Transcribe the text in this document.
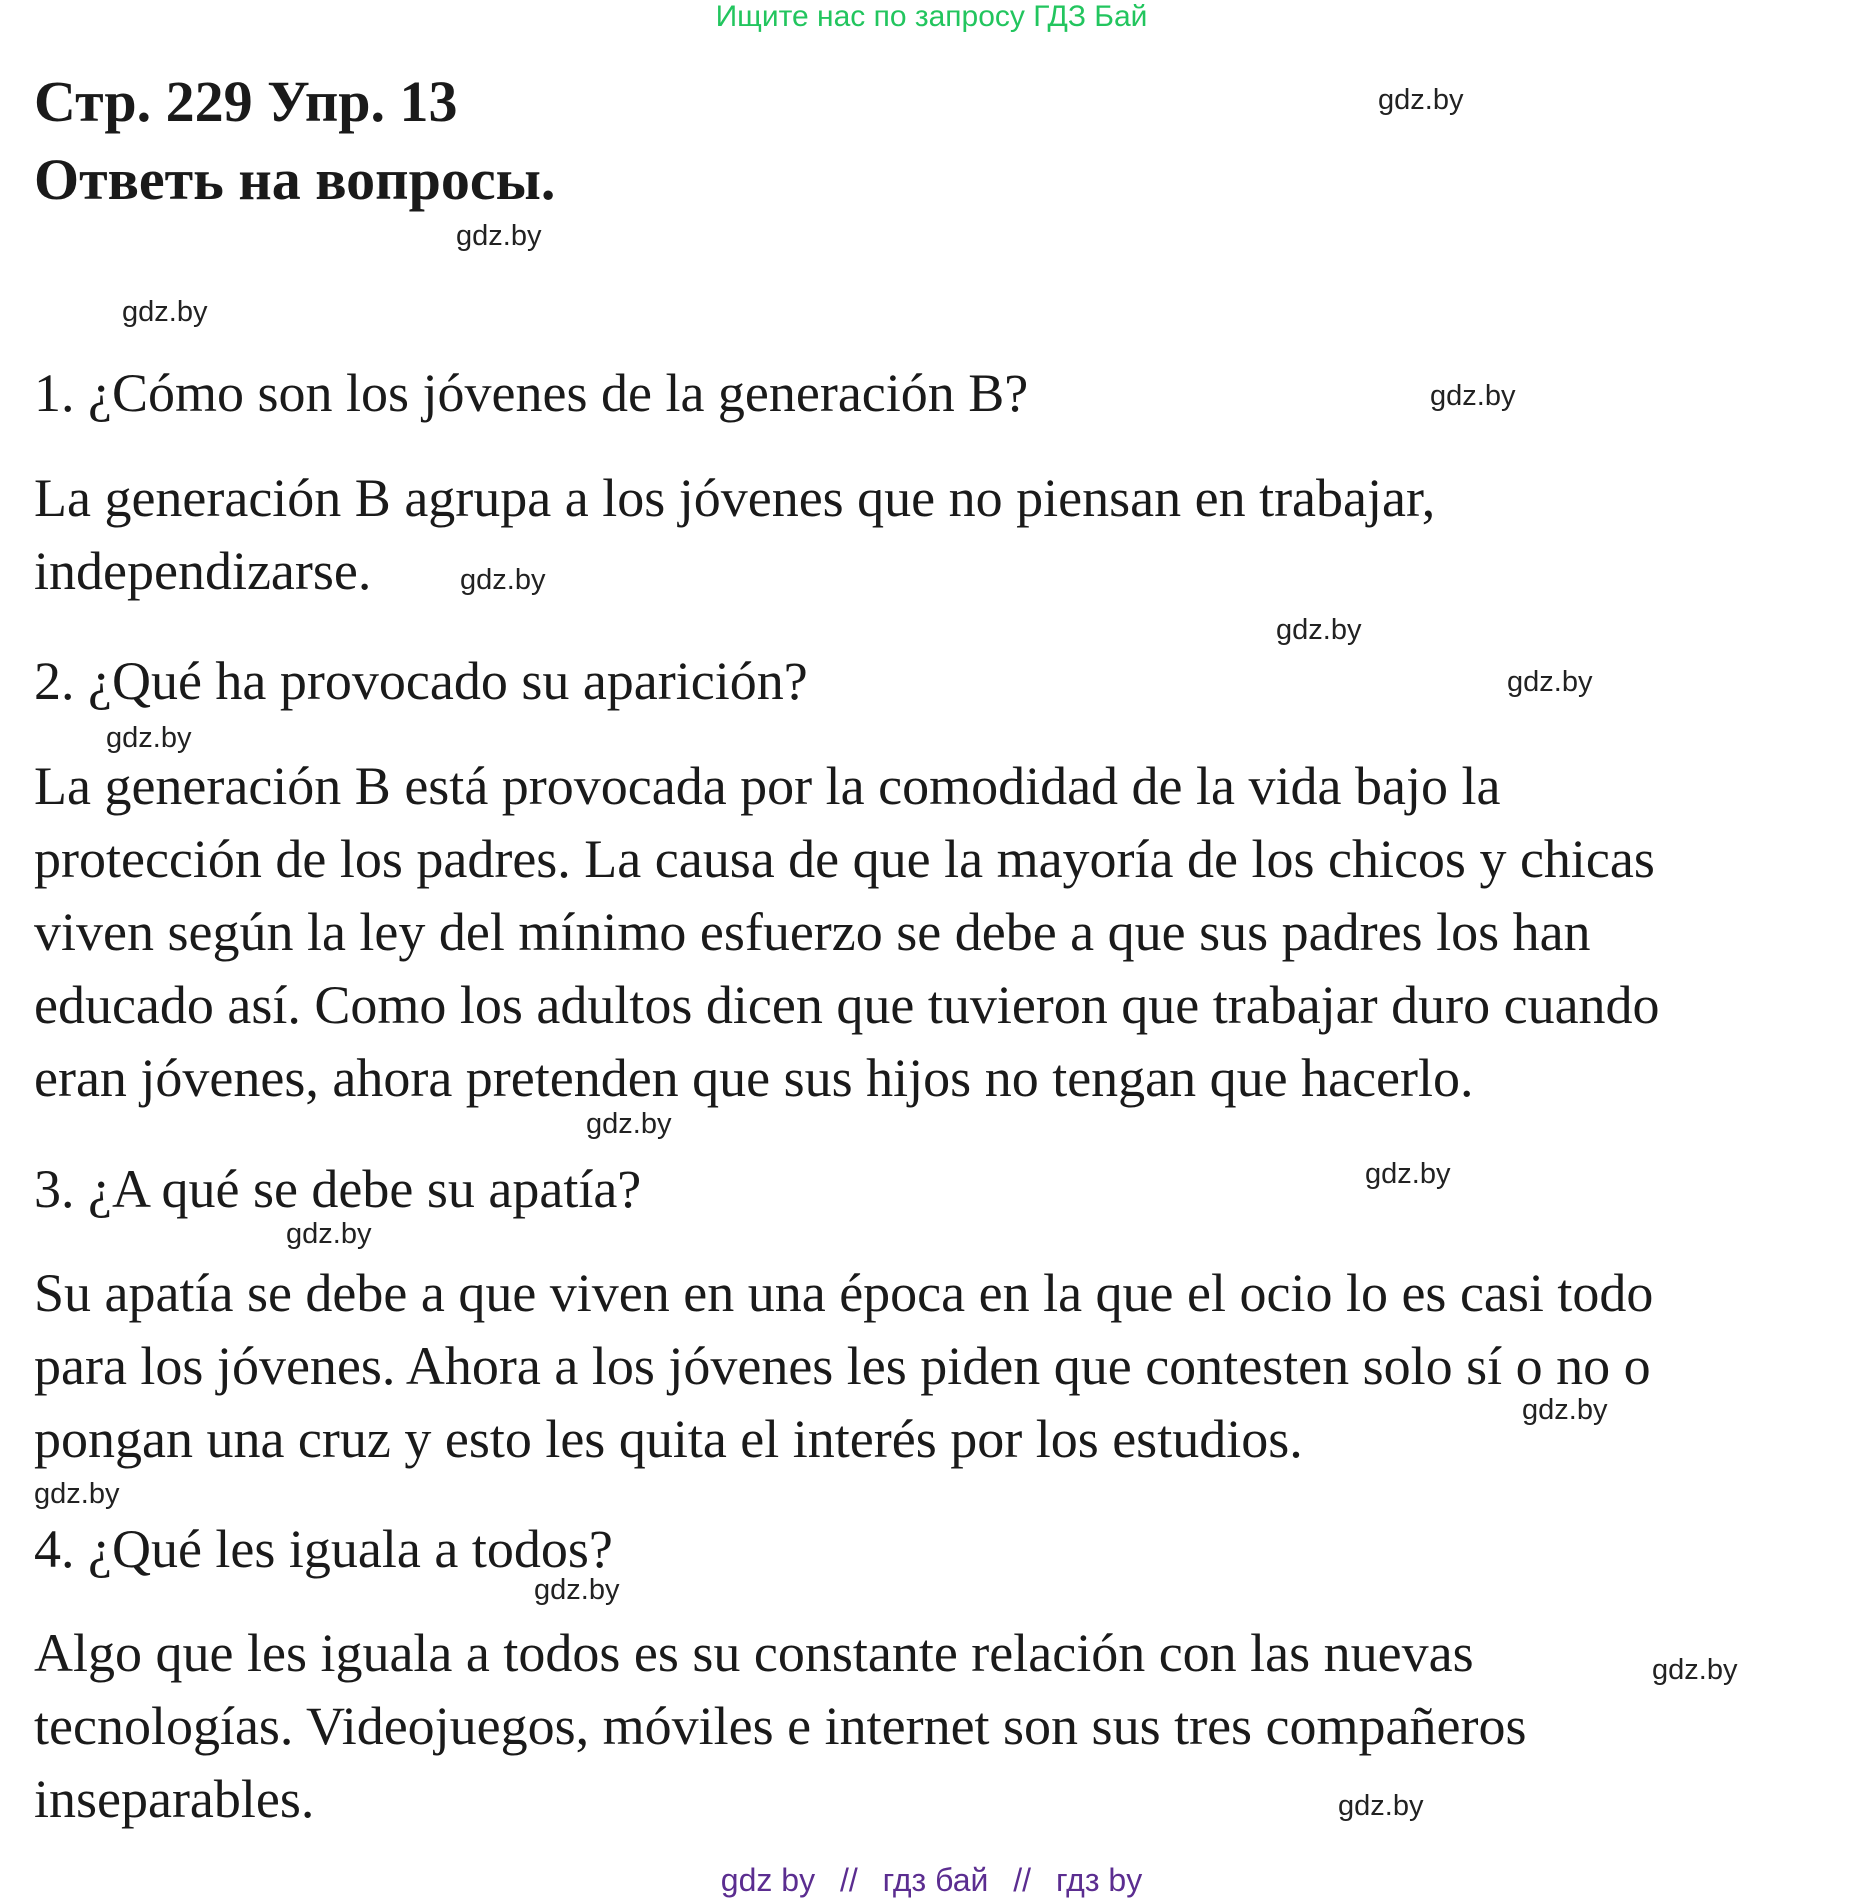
Ищите нас по запросу ГДЗ Бай
Стр. 229 Упр. 13
Ответь на вопросы.
1. ¿Cómo son los jóvenes de la generación B?
La generación B agrupa a los jóvenes que no piensan en trabajar,
independizarse.
2. ¿Qué ha provocado su aparición?
La generación B está provocada por la comodidad de la vida bajo la
protección de los padres. La causa de que la mayoría de los chicos y chicas
viven según la ley del mínimo esfuerzo se debe a que sus padres los han
educado así. Como los adultos dicen que tuvieron que trabajar duro cuando
eran jóvenes, ahora pretenden que sus hijos no tengan que hacerlo.
3. ¿A qué se debe su apatía?
Su apatía se debe a que viven en una época en la que el ocio lo es casi todo
para los jóvenes. Ahora a los jóvenes les piden que contesten solo sí o no o
pongan una cruz y esto les quita el interés por los estudios.
4. ¿Qué les iguala a todos?
Algo que les iguala a todos es su constante relación con las nuevas
tecnologías. Videojuegos, móviles e internet son sus tres compañeros
inseparables.
gdz.by
gdz.by
gdz.by
gdz.by
gdz.by
gdz.by
gdz.by
gdz.by
gdz.by
gdz.by
gdz.by
gdz.by
gdz.by
gdz.by
gdz.by
gdz.by
gdz by // гдз бай // гдз by
